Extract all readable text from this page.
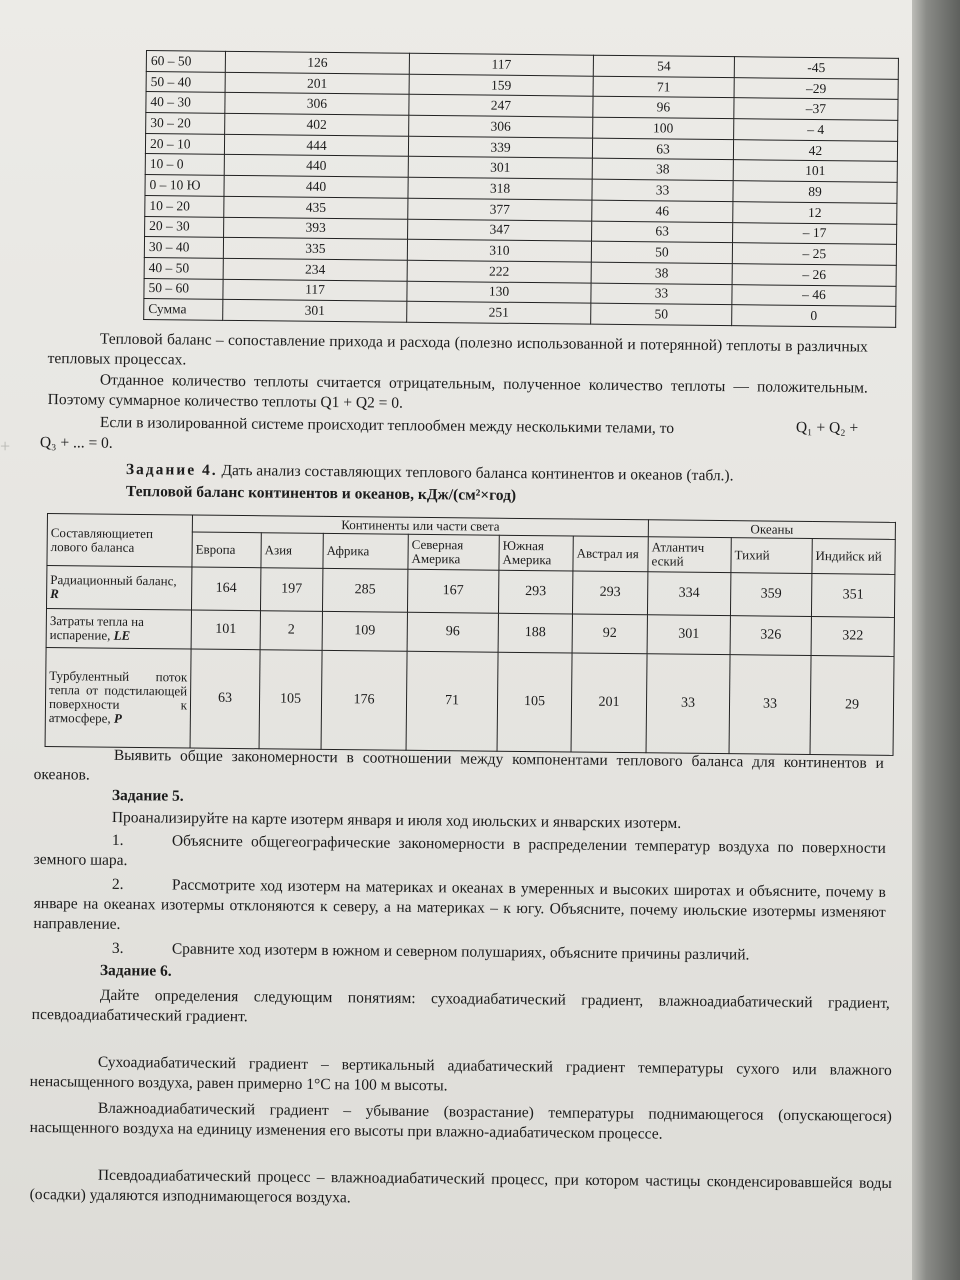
60 – 50	126	117	54	-45
50 – 40	201	159	71	–29
40 – 30	306	247	96	–37
30 – 20	402	306	100	– 4
20 – 10	444	339	63	42
10 – 0	440	301	38	101
0 – 10 Ю	440	318	33	89
10 – 20	435	377	46	12
20 – 30	393	347	63	– 17
30 – 40	335	310	50	– 25
40 – 50	234	222	38	– 26
50 – 60	117	130	33	– 46
Сумма	301	251	50	0

Тепловой баланс – сопоставление прихода и расхода (полезно использованной и потерянной) теплоты в различных тепловых процессах.

Отданное количество теплоты считается отрицательным, полученное количество теплоты — положительным. Поэтому суммарное количество теплоты Q1 + Q2 = 0.

Если в изолированной системе происходит теплообмен между несколькими телами, то	Q₁ + Q₂ +

Q₃ + ... = 0.

+

Задание 4. Дать анализ составляющих теплового баланса континентов и океанов (табл.).

Тепловой баланс континентов и океанов, кДж/(см²×год)

Составляющиетеп лового баланса	Континенты или части света						Океаны		
	Европа	Азия	Африка	Северная Америка	Южная Америка	Австрал ия	Атлантич еский	Тихий	Индийск ий
Радиационный баланс, R	164	197	285	167	293	293	334	359	351
Затраты тепла на испарение, LE	101	2	109	96	188	92	301	326	322
Турбулентный поток тепла от подстилающей поверхности к атмосфере, P	63	105	176	71	105	201	33	33	29

Выявить общие закономерности в соотношении между компонентами теплового баланса для континентов и океанов.

Задание 5.

Проанализируйте на карте изотерм января и июля ход июльских и январских изотерм.

1.	Объясните общегеографические закономерности в распределении температур воздуха по поверхности земного шара.

2.	Рассмотрите ход изотерм на материках и океанах в умеренных и высоких широтах и объясните, почему в январе на океанах изотермы отклоняются к северу, а на материках – к югу. Объясните, почему июльские изотермы изменяют направление.

3.	Сравните ход изотерм в южном и северном полушариях, объясните причины различий.

Задание 6.

Дайте определения следующим понятиям: сухоадиабатический градиент, влажноадиабатический градиент, псевдоадиабатический градиент.

Сухоадиабатический градиент – вертикальный адиабатический градиент температуры сухого или влажного ненасыщенного воздуха, равен примерно 1°С на 100 м высоты.

Влажноадиабатический градиент – убывание (возрастание) температуры поднимающегося (опускающегося) насыщенного воздуха на единицу изменения его высоты при влажно-адиабатическом процессе.

Псевдоадиабатический процесс – влажноадиабатический процесс, при котором частицы сконденсировавшейся воды (осадки) удаляются изподнимающегося воздуха.
